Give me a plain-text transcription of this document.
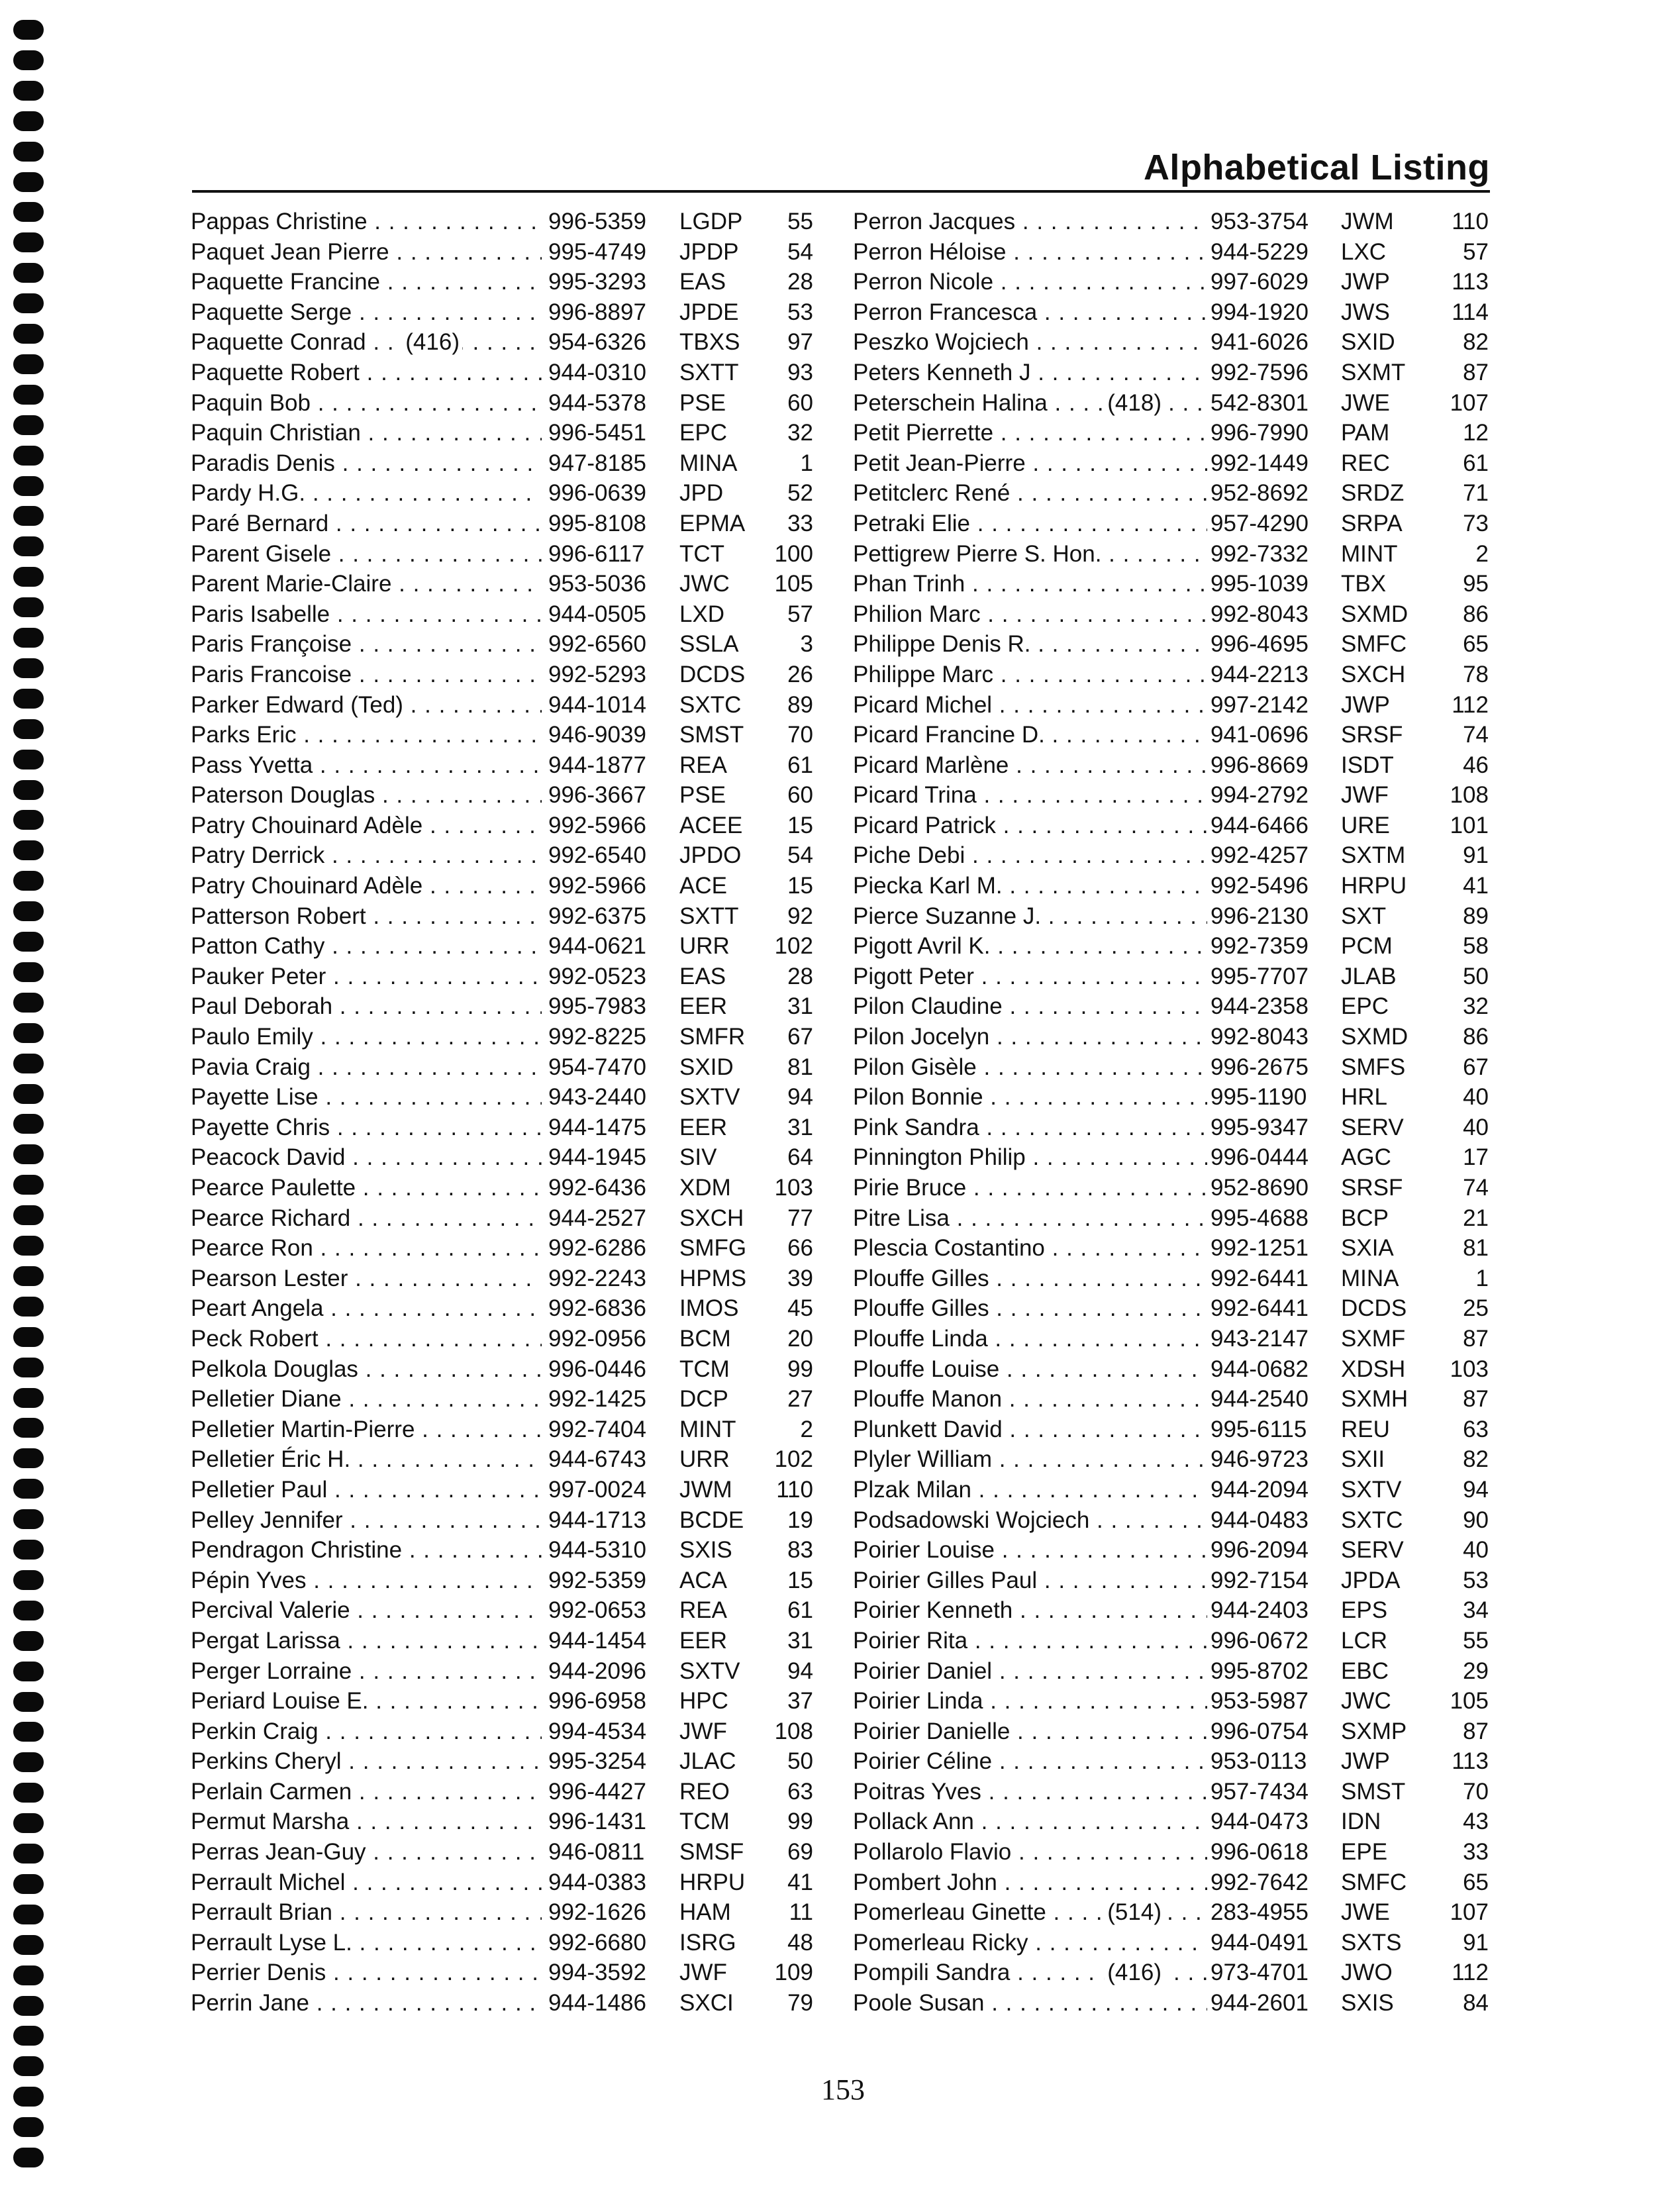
Alphabetical Listing
Pappas Christine . . .	996-5359 LGDP	55
Paquet Jean Pierre . . .	995-4749 JPDP	54
Paquette Francine . . .	995-3293 EAS	28
Paquette Serge . . .	996-8897 JPDE	53
Paquette Conrad . . .	(416)	954-6326 TBXS	97
Paquette Robert . . .	944-0310 SXTT	93
Paquin Bob . . .	944-5378 PSE	60
Paquin Christian . . .	996-5451 EPC	32
Paradis Denis . . .	947-8185 MINA	1
Pardy H.G. . . .	996-0639 JPD	52
Paré Bernard . . .	995-8108 EPMA	33
Parent Gisele . . .	996-6117 TCT	100
Parent Marie-Claire . . .	953-5036 JWC	105
Paris Isabelle . . .	944-0505 LXD	57
Paris Françoise . . .	992-6560 SSLA	3
Paris Francoise . . .	992-5293 DCDS	26
Parker Edward (Ted) . . .	944-1014 SXTC	89
Parks Eric . . .	946-9039 SMST	70
Pass Yvetta . . .	944-1877 REA	61
Paterson Douglas . . .	996-3667 PSE	60
Patry Chouinard Adèle . . .	992-5966 ACEE	15
Patry Derrick . . .	992-6540 JPDO	54
Patry Chouinard Adèle . . .	992-5966 ACE	15
Patterson Robert . . .	992-6375 SXTT	92
Patton Cathy . . .	944-0621 URR	102
Pauker Peter . . .	992-0523 EAS	28
Paul Deborah . . .	995-7983 EER	31
Paulo Emily . . .	992-8225 SMFR	67
Pavia Craig . . .	954-7470 SXID	81
Payette Lise . . .	943-2440 SXTV	94
Payette Chris . . .	944-1475 EER	31
Peacock David . . .	944-1945 SIV	64
Pearce Paulette . . .	992-6436 XDM	103
Pearce Richard . . .	944-2527 SXCH	77
Pearce Ron . . .	992-6286 SMFG	66
Pearson Lester . . .	992-2243 HPMS	39
Peart Angela . . .	992-6836 IMOS	45
Peck Robert . . .	992-0956 BCM	20
Pelkola Douglas . . .	996-0446 TCM	99
Pelletier Diane . . .	992-1425 DCP	27
Pelletier Martin-Pierre . . .	992-7404 MINT	2
Pelletier Éric H. . . .	944-6743 URR	102
Pelletier Paul . . .	997-0024 JWM	110
Pelley Jennifer . . .	944-1713 BCDE	19
Pendragon Christine . . .	944-5310 SXIS	83
Pépin Yves . . .	992-5359 ACA	15
Percival Valerie . . .	992-0653 REA	61
Pergat Larissa . . .	944-1454 EER	31
Perger Lorraine . . .	944-2096 SXTV	94
Periard Louise E. . . .	996-6958 HPC	37
Perkin Craig . . .	994-4534 JWF	108
Perkins Cheryl . . .	995-3254 JLAC	50
Perlain Carmen . . .	996-4427 REO	63
Permut Marsha . . .	996-1431 TCM	99
Perras Jean-Guy . . .	946-0811 SMSF	69
Perrault Michel . . .	944-0383 HRPU	41
Perrault Brian . . .	992-1626 HAM	11
Perrault Lyse L. . . .	992-6680 ISRG	48
Perrier Denis . . .	994-3592 JWF	109
Perrin Jane . . .	944-1486 SXCI	79
Perron Jacques . . .	953-3754 JWM	110
Perron Héloise . . .	944-5229 LXC	57
Perron Nicole . . .	997-6029 JWP	113
Perron Francesca . . .	994-1920 JWS	114
Peszko Wojciech . . .	941-6026 SXID	82
Peters Kenneth J . . .	992-7596 SXMT	87
Peterschein Halina . . .	(418) 542-8301 JWE	107
Petit Pierrette . . .	996-7990 PAM	12
Petit Jean-Pierre . . .	992-1449 REC	61
Petitclerc René . . .	952-8692 SRDZ	71
Petraki Elie . . .	957-4290 SRPA	73
Pettigrew Pierre S. Hon. . . .	992-7332 MINT	2
Phan Trinh . . .	995-1039 TBX	95
Philion Marc . . .	992-8043 SXMD	86
Philippe Denis R. . . .	996-4695 SMFC	65
Philippe Marc . . .	944-2213 SXCH	78
Picard Michel . . .	997-2142 JWP	112
Picard Francine D. . . .	941-0696 SRSF	74
Picard Marlène . . .	996-8669 ISDT	46
Picard Trina . . .	994-2792 JWF	108
Picard Patrick . . .	944-6466 URE	101
Piche Debi . . .	992-4257 SXTM	91
Piecka Karl M. . . .	992-5496 HRPU	41
Pierce Suzanne J. . . .	996-2130 SXT	89
Pigott Avril K. . . .	992-7359 PCM	58
Pigott Peter . . .	995-7707 JLAB	50
Pilon Claudine . . .	944-2358 EPC	32
Pilon Jocelyn . . .	992-8043 SXMD	86
Pilon Gisèle . . .	996-2675 SMFS	67
Pilon Bonnie . . .	995-1190 HRL	40
Pink Sandra . . .	995-9347 SERV	40
Pinnington Philip . . .	996-0444 AGC	17
Pirie Bruce . . .	952-8690 SRSF	74
Pitre Lisa . . .	995-4688 BCP	21
Plescia Costantino . . .	992-1251 SXIA	81
Plouffe Gilles . . .	992-6441 MINA	1
Plouffe Gilles . . .	992-6441 DCDS	25
Plouffe Linda . . .	943-2147 SXMF	87
Plouffe Louise . . .	944-0682 XDSH	103
Plouffe Manon . . .	944-2540 SXMH	87
Plunkett David . . .	995-6115 REU	63
Plyler William . . .	946-9723 SXII	82
Plzak Milan . . .	944-2094 SXTV	94
Podsadowski Wojciech . . .	944-0483 SXTC	90
Poirier Louise . . .	996-2094 SERV	40
Poirier Gilles Paul . . .	992-7154 JPDA	53
Poirier Kenneth . . .	944-2403 EPS	34
Poirier Rita . . .	996-0672 LCR	55
Poirier Daniel . . .	995-8702 EBC	29
Poirier Linda . . .	953-5987 JWC	105
Poirier Danielle . . .	996-0754 SXMP	87
Poirier Céline . . .	953-0113 JWP	113
Poitras Yves . . .	957-7434 SMST	70
Pollack Ann . . .	944-0473 IDN	43
Pollarolo Flavio . . .	996-0618 EPE	33
Pombert John . . .	992-7642 SMFC	65
Pomerleau Ginette . . .	(514) 283-4955 JWE	107
Pomerleau Ricky . . .	944-0491 SXTS	91
Pompili Sandra . . .	(416) 973-4701 JWO	112
Poole Susan . . .	944-2601 SXIS	84
153
